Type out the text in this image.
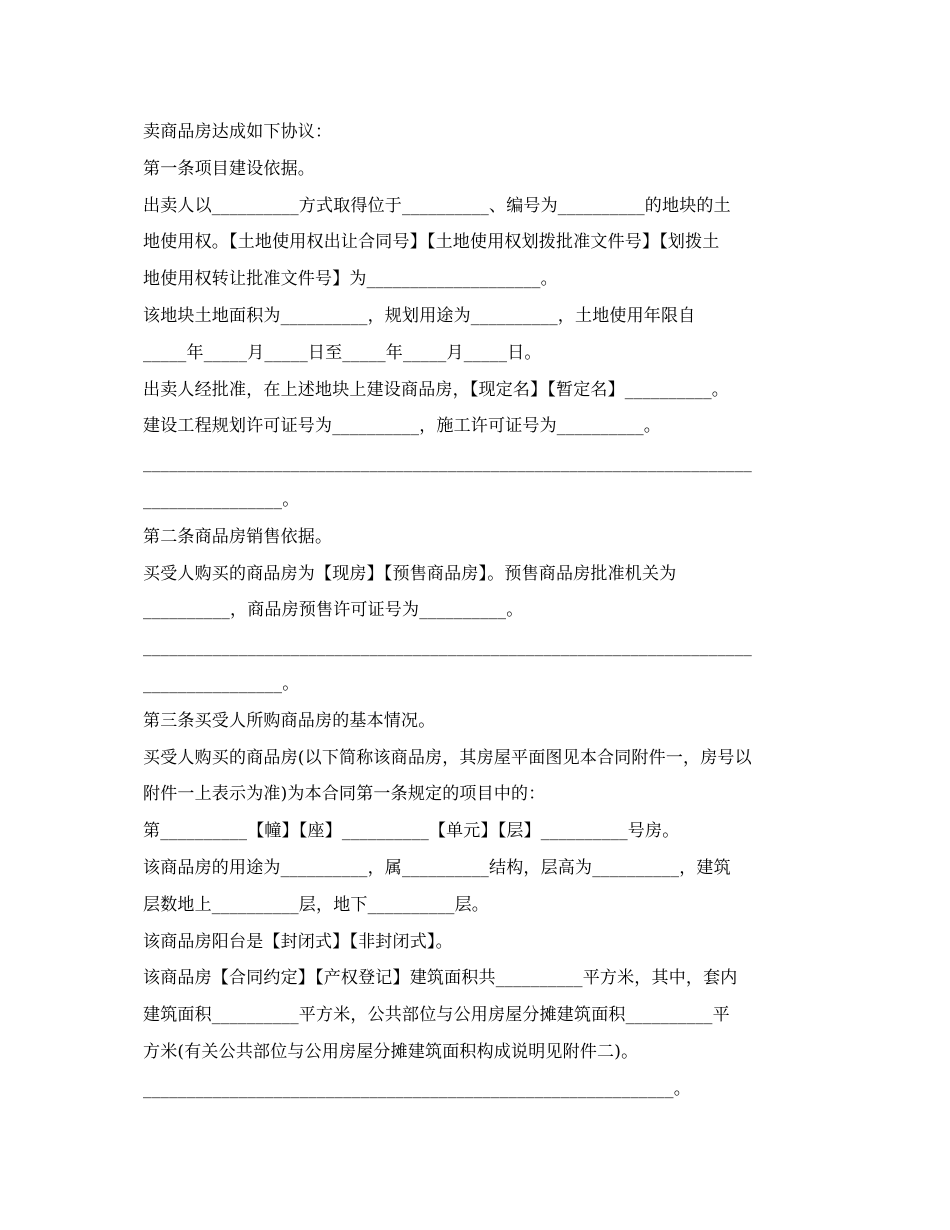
卖商品房达成如下协议：
第一条项目建设依据。
出卖人以__________方式取得位于__________、编号为__________的地块的土
地使用权。【土地使用权出让合同号】【土地使用权划拨批准文件号】【划拨土
地使用权转让批准文件号】为____________________。
该地块土地面积为__________，规划用途为__________，土地使用年限自
_____年_____月_____日至_____年_____月_____日。
出卖人经批准，在上述地块上建设商品房，【现定名】【暂定名】__________。
建设工程规划许可证号为__________，施工许可证号为__________。
______________________________________________________________________
________________。
第二条商品房销售依据。
买受人购买的商品房为【现房】【预售商品房】。预售商品房批准机关为
__________，商品房预售许可证号为__________。
______________________________________________________________________
________________。
第三条买受人所购商品房的基本情况。
买受人购买的商品房(以下简称该商品房，其房屋平面图见本合同附件一，房号以
附件一上表示为准)为本合同第一条规定的项目中的：
第__________【幢】【座】__________【单元】【层】__________号房。
该商品房的用途为__________，属__________结构，层高为__________，建筑
层数地上__________层，地下__________层。
该商品房阳台是【封闭式】【非封闭式】。
该商品房【合同约定】【产权登记】建筑面积共__________平方米，其中，套内
建筑面积__________平方米，公共部位与公用房屋分摊建筑面积__________平
方米(有关公共部位与公用房屋分摊建筑面积构成说明见附件二)。
_____________________________________________________________。
